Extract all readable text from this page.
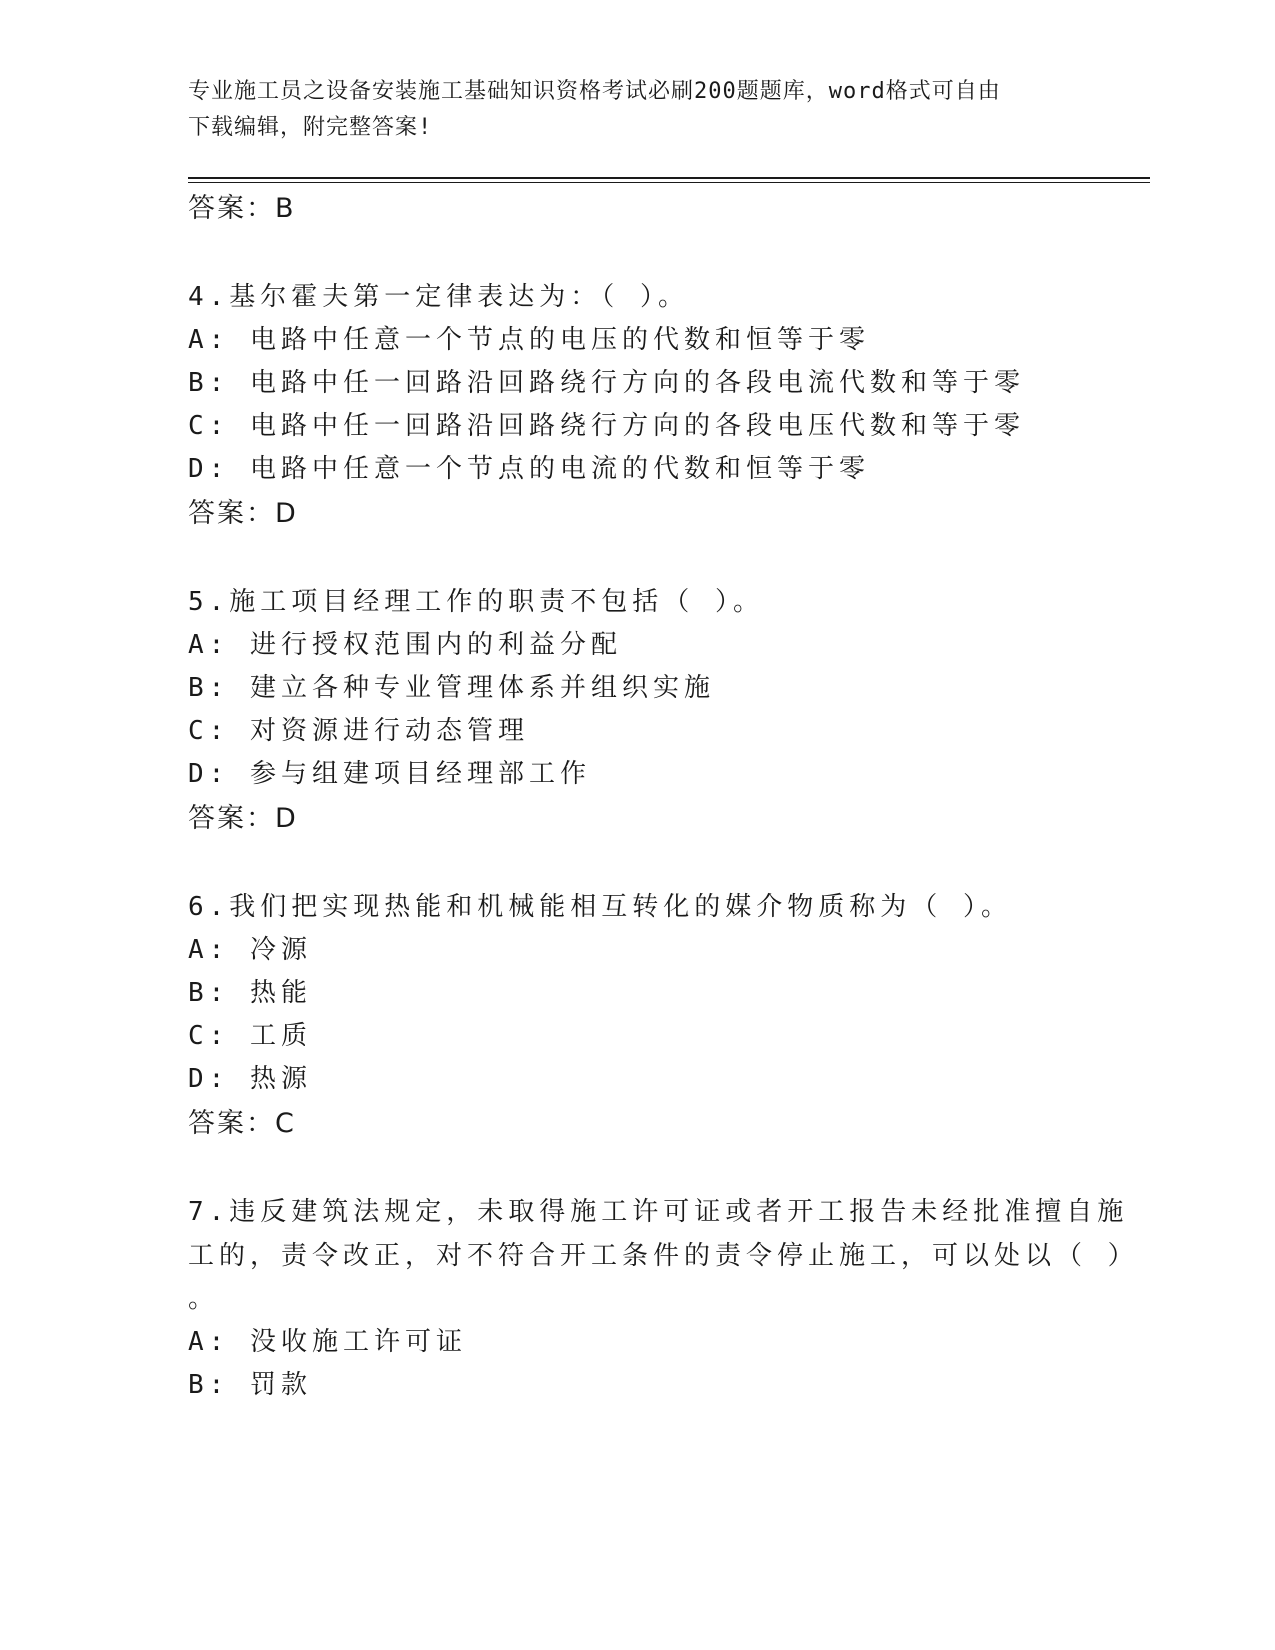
专业施工员之设备安装施工基础知识资格考试必刷200题题库，word格式可自由
下载编辑，附完整答案!
答案：B
4.基尔霍夫第一定律表达为：（ ）。
A: 电路中任意一个节点的电压的代数和恒等于零
B: 电路中任一回路沿回路绕行方向的各段电流代数和等于零
C: 电路中任一回路沿回路绕行方向的各段电压代数和等于零
D: 电路中任意一个节点的电流的代数和恒等于零
答案：D
5.施工项目经理工作的职责不包括（ ）。
A: 进行授权范围内的利益分配
B: 建立各种专业管理体系并组织实施
C: 对资源进行动态管理
D: 参与组建项目经理部工作
答案：D
6.我们把实现热能和机械能相互转化的媒介物质称为（ ）。
A: 冷源
B: 热能
C: 工质
D: 热源
答案：C
7.违反建筑法规定，未取得施工许可证或者开工报告未经批准擅自施
工的，责令改正，对不符合开工条件的责令停止施工，可以处以（ ）
。
A: 没收施工许可证
B: 罚款
